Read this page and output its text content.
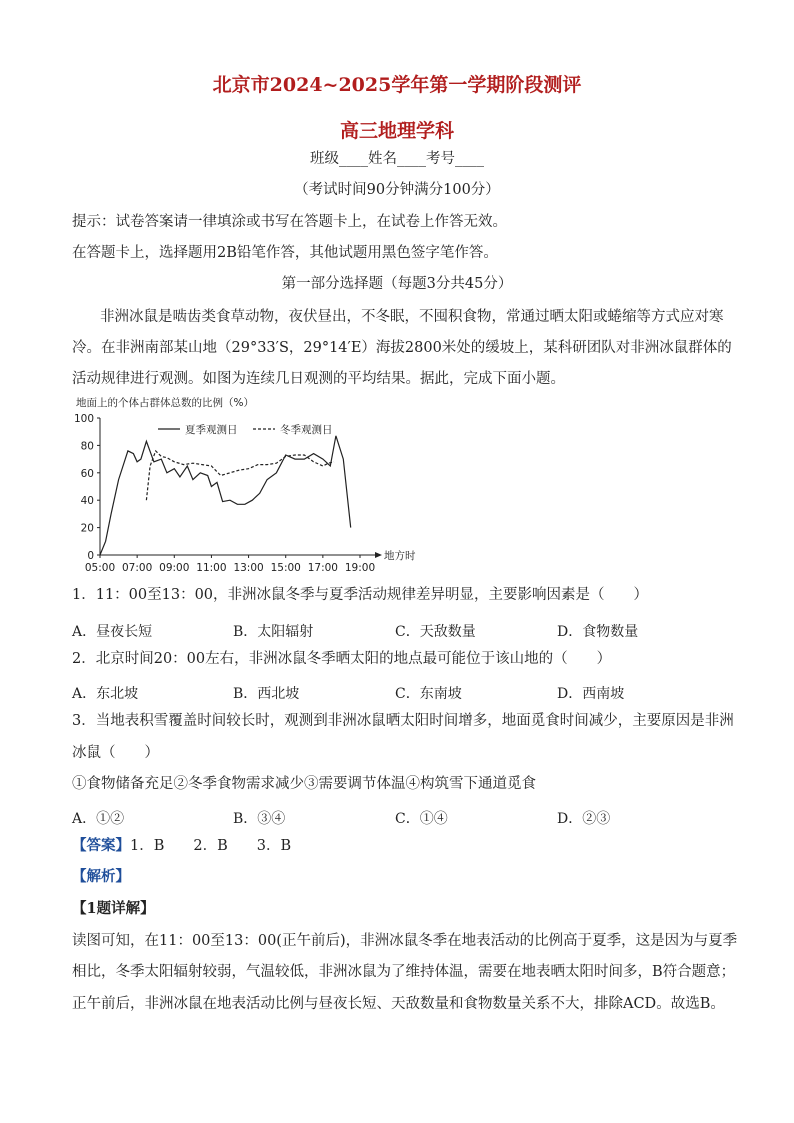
北京市2024~2025学年第一学期阶段测评
高三地理学科
班级____姓名____考号____
（考试时间90分钟满分100分）
提示：试卷答案请一律填涂或书写在答题卡上，在试卷上作答无效。
在答题卡上，选择题用2B铅笔作答，其他试题用黑色签字笔作答。
第一部分选择题（每题3分共45分）
非洲冰鼠是啮齿类食草动物，夜伏昼出，不冬眠，不囤积食物，常通过晒太阳或蜷缩等方式应对寒
冷。在非洲南部某山地（29°33′S，29°14′E）海拔2800米处的缓坡上，某科研团队对非洲冰鼠群体的
活动规律进行观测。如图为连续几日观测的平均结果。据此，完成下面小题。
地面上的个体占群体总数的比例（%）
0
20
40
60
80
100
05:00 07:00 09:00 11:00 13:00 15:00 17:00 19:00
地方时
夏季观测日	冬季观测日
1．11：00至13：00，非洲冰鼠冬季与夏季活动规律差异明显，主要影响因素是（　　）
A．昼夜长短	B．太阳辐射	C．天敌数量	D．食物数量
2．北京时间20：00左右，非洲冰鼠冬季晒太阳的地点最可能位于该山地的（　　）
A．东北坡	B．西北坡	C．东南坡	D．西南坡
3．当地表积雪覆盖时间较长时，观测到非洲冰鼠晒太阳时间增多，地面觅食时间减少，主要原因是非洲
冰鼠（　　）
①食物储备充足②冬季食物需求减少③需要调节体温④构筑雪下通道觅食
A．①②	B．③④	C．①④	D．②③
【答案】1．B　　2．B　　3．B
【解析】
【1题详解】
读图可知，在11：00至13：00(正午前后)，非洲冰鼠冬季在地表活动的比例高于夏季，这是因为与夏季
相比，冬季太阳辐射较弱，气温较低，非洲冰鼠为了维持体温，需要在地表晒太阳时间多，B符合题意；
正午前后，非洲冰鼠在地表活动比例与昼夜长短、天敌数量和食物数量关系不大，排除ACD。故选B。
